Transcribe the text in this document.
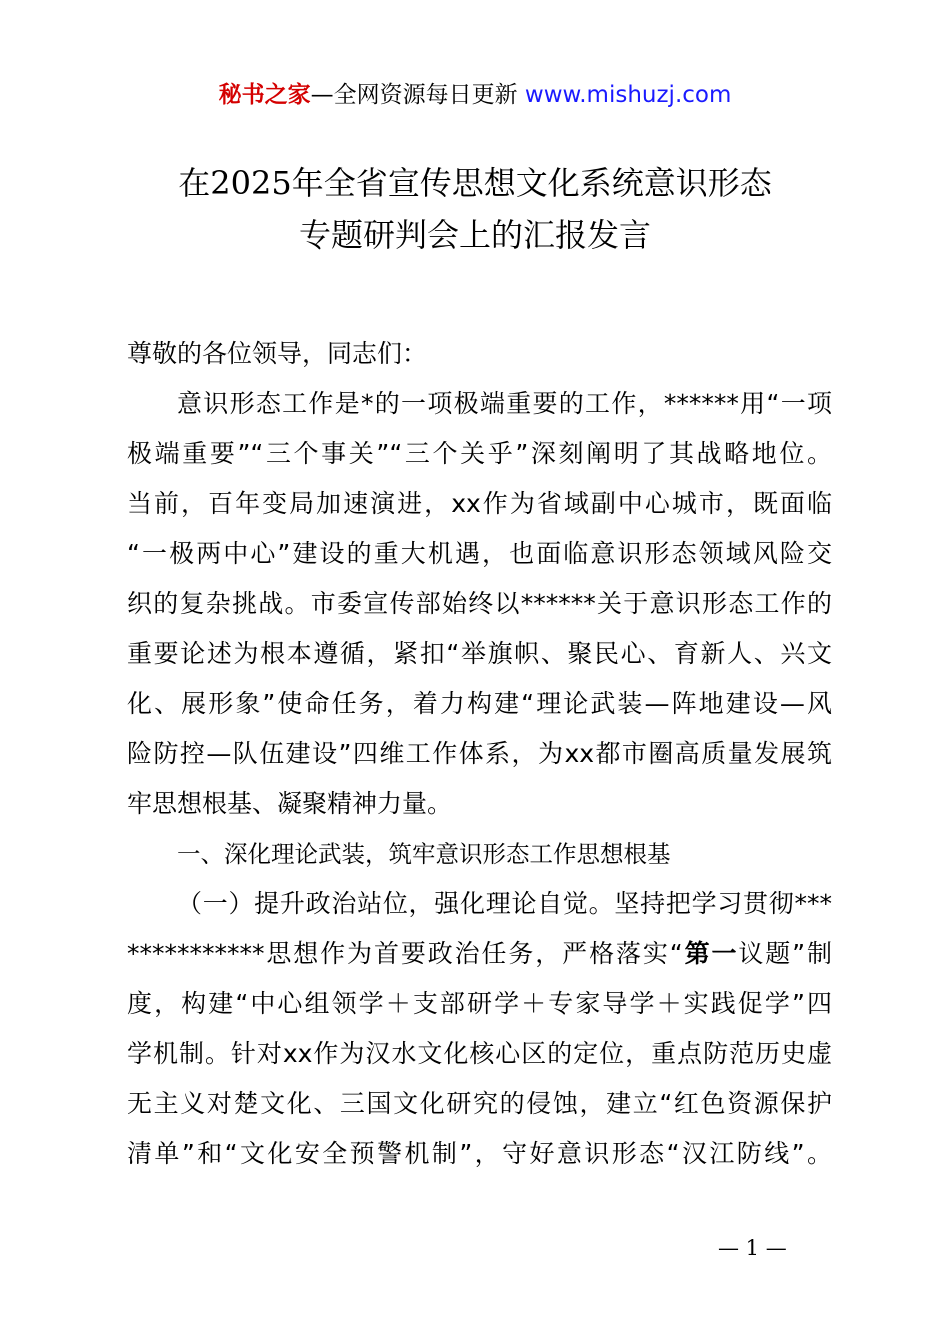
秘书之家—全网资源每日更新 www.mishuzj.com
在2025年全省宣传思想文化系统意识形态
专题研判会上的汇报发言
尊敬的各位领导，同志们：
意识形态工作是*的一项极端重要的工作，******用“一项
极端重要”“三个事关”“三个关乎”深刻阐明了其战略地位。
当前，百年变局加速演进，xx作为省域副中心城市，既面临
“一极两中心”建设的重大机遇，也面临意识形态领域风险交
织的复杂挑战。市委宣传部始终以******关于意识形态工作的
重要论述为根本遵循，紧扣“举旗帜、聚民心、育新人、兴文
化、展形象”使命任务，着力构建“理论武装—阵地建设—风
险防控—队伍建设”四维工作体系，为xx都市圈高质量发展筑
牢思想根基、凝聚精神力量。
一、深化理论武装，筑牢意识形态工作思想根基
（一）提升政治站位，强化理论自觉。坚持把学习贯彻***
***********思想作为首要政治任务，严格落实“第一议题”制
度，构建“中心组领学＋支部研学＋专家导学＋实践促学”四
学机制。针对xx作为汉水文化核心区的定位，重点防范历史虚
无主义对楚文化、三国文化研究的侵蚀，建立“红色资源保护
清单”和“文化安全预警机制”，守好意识形态“汉江防线”。
— 1 —
